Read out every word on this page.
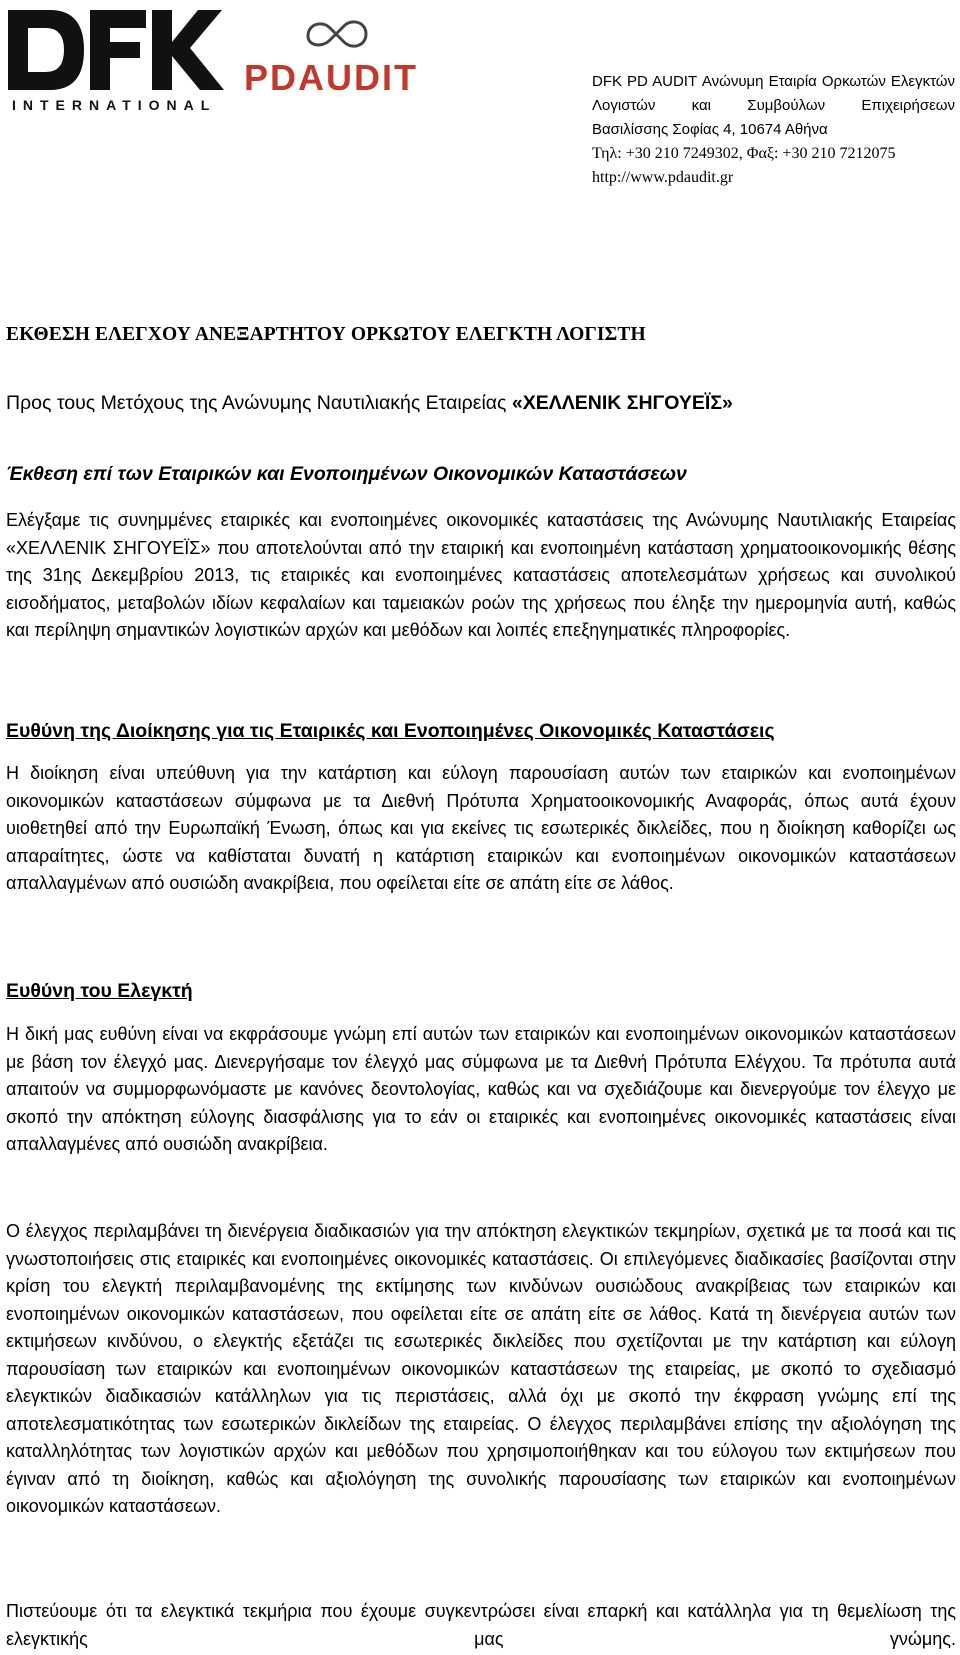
INTERNATIONAL
PDAUDIT	DFK PD AUDIT Ανώνυμη Εταιρία Ορκωτών Ελεγκτών Λογιστών και Συμβούλων Επιχειρήσεων
Βασιλίσσης Σοφίας 4, 10674 Αθήνα
Τηλ: +30 210 7249302, Φαξ: +30 210 7212075
http://www.pdaudit.gr
ΕΚΘΕΣΗ ΕΛΕΓΧΟΥ ΑΝΕΞΑΡΤΗΤΟΥ ΟΡΚΩΤΟΥ ΕΛΕΓΚΤΗ ΛΟΓΙΣΤΗ
Προς τους Μετόχους της Ανώνυμης Ναυτιλιακής Εταιρείας «ΧΕΛΛΕΝΙΚ ΣΗΓΟΥΕΪΣ»
Έκθεση επί των Εταιρικών και Ενοποιημένων Οικονομικών Καταστάσεων
Ελέγξαμε τις συνημμένες εταιρικές και ενοποιημένες οικονομικές καταστάσεις της Ανώνυμης Ναυτιλιακής Εταιρείας «ΧΕΛΛΕΝΙΚ ΣΗΓΟΥΕΪΣ» που αποτελούνται από την εταιρική και ενοποιημένη κατάσταση χρηματοοικονομικής θέσης της 31ης Δεκεμβρίου 2013, τις εταιρικές και ενοποιημένες καταστάσεις αποτελεσμάτων χρήσεως και συνολικού εισοδήματος, μεταβολών ιδίων κεφαλαίων και ταμειακών ροών της χρήσεως που έληξε την ημερομηνία αυτή, καθώς και περίληψη σημαντικών λογιστικών αρχών και μεθόδων και λοιπές επεξηγηματικές πληροφορίες.
Ευθύνη της Διοίκησης για τις Εταιρικές και Ενοποιημένες Οικονομικές Καταστάσεις
Η διοίκηση είναι υπεύθυνη για την κατάρτιση και εύλογη παρουσίαση αυτών των εταιρικών και ενοποιημένων οικονομικών καταστάσεων σύμφωνα με τα Διεθνή Πρότυπα Χρηματοοικονομικής Αναφοράς, όπως αυτά έχουν υιοθετηθεί από την Ευρωπαϊκή Ένωση, όπως και για εκείνες τις εσωτερικές δικλείδες, που η διοίκηση καθορίζει ως απαραίτητες, ώστε να καθίσταται δυνατή η κατάρτιση εταιρικών και ενοποιημένων οικονομικών καταστάσεων απαλλαγμένων από ουσιώδη ανακρίβεια, που οφείλεται είτε σε απάτη είτε σε λάθος.
Ευθύνη του Ελεγκτή
Η δική μας ευθύνη είναι να εκφράσουμε γνώμη επί αυτών των εταιρικών και ενοποιημένων οικονομικών καταστάσεων με βάση τον έλεγχό μας. Διενεργήσαμε τον έλεγχό μας σύμφωνα με τα Διεθνή Πρότυπα Ελέγχου. Τα πρότυπα αυτά απαιτούν να συμμορφωνόμαστε με κανόνες δεοντολογίας, καθώς και να σχεδιάζουμε και διενεργούμε τον έλεγχο με σκοπό την απόκτηση εύλογης διασφάλισης για το εάν οι εταιρικές και ενοποιημένες οικονομικές καταστάσεις είναι απαλλαγμένες από ουσιώδη ανακρίβεια.
Ο έλεγχος περιλαμβάνει τη διενέργεια διαδικασιών για την απόκτηση ελεγκτικών τεκμηρίων, σχετικά με τα ποσά και τις γνωστοποιήσεις στις εταιρικές και ενοποιημένες οικονομικές καταστάσεις. Οι επιλεγόμενες διαδικασίες βασίζονται στην κρίση του ελεγκτή περιλαμβανομένης της εκτίμησης των κινδύνων ουσιώδους ανακρίβειας των εταιρικών και ενοποιημένων οικονομικών καταστάσεων, που οφείλεται είτε σε απάτη είτε σε λάθος. Κατά τη διενέργεια αυτών των εκτιμήσεων κινδύνου, ο ελεγκτής εξετάζει τις εσωτερικές δικλείδες που σχετίζονται με την κατάρτιση και εύλογη παρουσίαση των εταιρικών και ενοποιημένων οικονομικών καταστάσεων της εταιρείας, με σκοπό το σχεδιασμό ελεγκτικών διαδικασιών κατάλληλων για τις περιστάσεις, αλλά όχι με σκοπό την έκφραση γνώμης επί της αποτελεσματικότητας των εσωτερικών δικλείδων της εταιρείας. Ο έλεγχος περιλαμβάνει επίσης την αξιολόγηση της καταλληλότητας των λογιστικών αρχών και μεθόδων που χρησιμοποιήθηκαν και του εύλογου των εκτιμήσεων που έγιναν από τη διοίκηση, καθώς και αξιολόγηση της συνολικής παρουσίασης των εταιρικών και ενοποιημένων οικονομικών καταστάσεων.
Πιστεύουμε ότι τα ελεγκτικά τεκμήρια που έχουμε συγκεντρώσει είναι επαρκή και κατάλληλα για τη θεμελίωση της ελεγκτικής μας γνώμης.
